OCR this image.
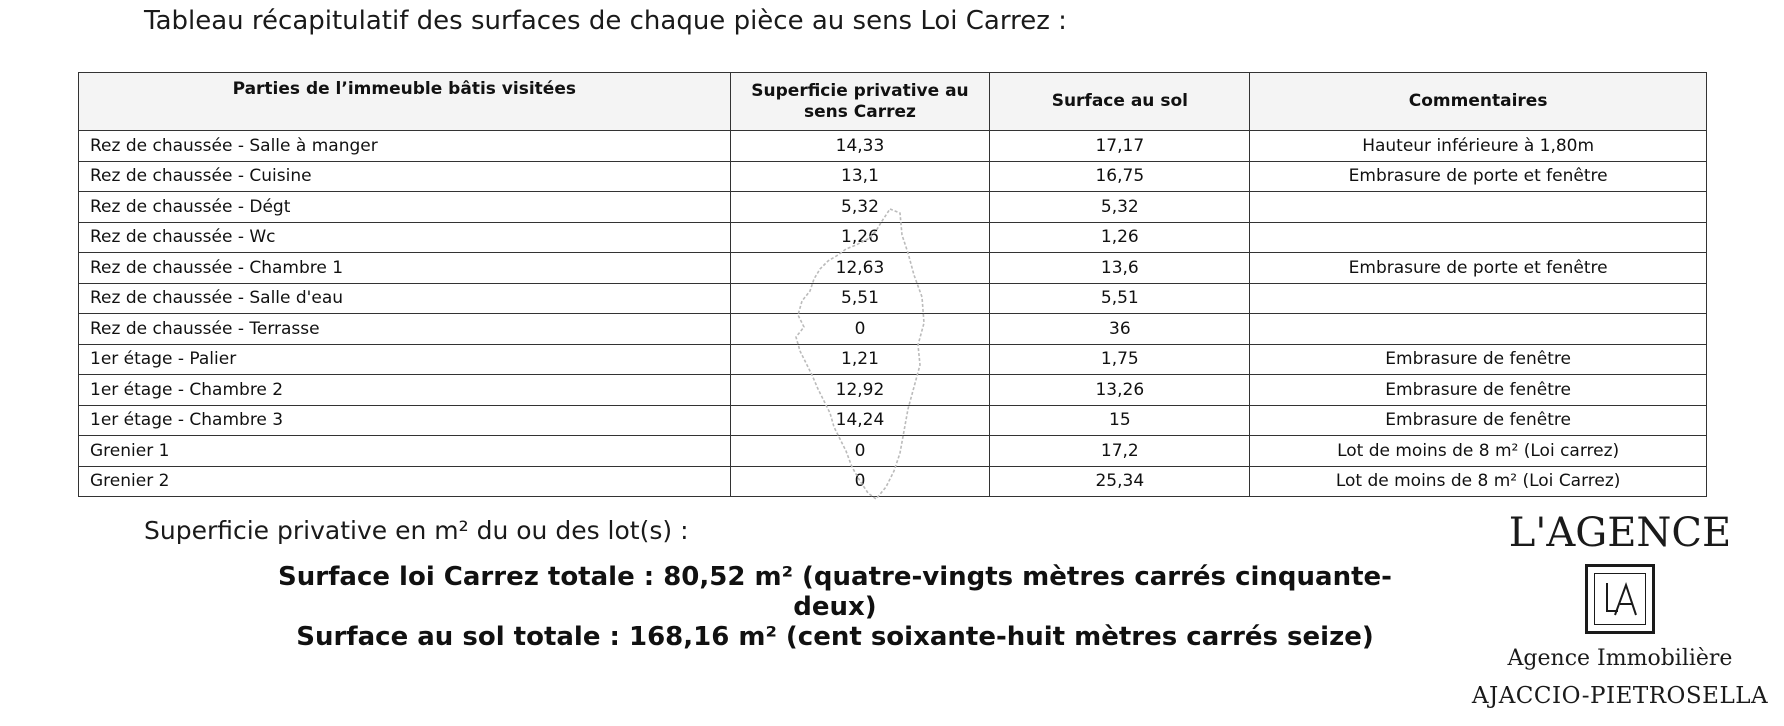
Tableau récapitulatif des surfaces de chaque pièce au sens Loi Carrez :
Parties de l’immeuble bâtis visitées	Superficie privative au sens Carrez	Surface au sol	Commentaires
Rez de chaussée - Salle à manger	14,33	17,17	Hauteur inférieure à 1,80m
Rez de chaussée - Cuisine	13,1	16,75	Embrasure de porte et fenêtre
Rez de chaussée - Dégt	5,32	5,32	
Rez de chaussée - Wc	1,26	1,26	
Rez de chaussée - Chambre 1	12,63	13,6	Embrasure de porte et fenêtre
Rez de chaussée - Salle d'eau	5,51	5,51	
Rez de chaussée - Terrasse	0	36	
1er étage - Palier	1,21	1,75	Embrasure de fenêtre
1er étage - Chambre 2	12,92	13,26	Embrasure de fenêtre
1er étage - Chambre 3	14,24	15	Embrasure de fenêtre
Grenier 1	0	17,2	Lot de moins de 8 m² (Loi carrez)
Grenier 2	0	25,34	Lot de moins de 8 m² (Loi Carrez)
Superficie privative en m² du ou des lot(s) :
Surface loi Carrez totale : 80,52 m² (quatre-vingts mètres carrés cinquante-deux)
Surface au sol totale : 168,16 m² (cent soixante-huit mètres carrés seize)
L'AGENCE
Agence Immobilière
AJACCIO-PIETROSELLA
